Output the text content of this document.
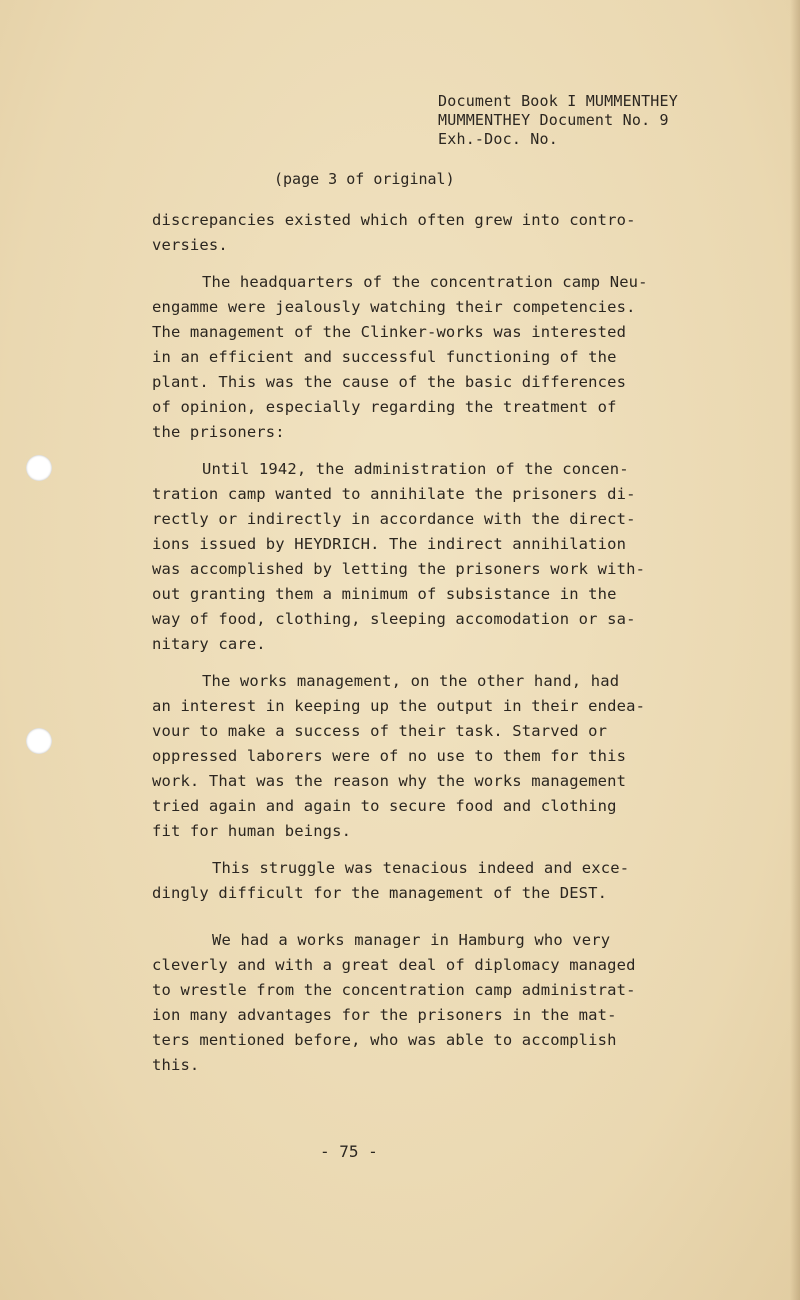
Document Book I MUMMENTHEY
MUMMENTHEY Document No. 9
Exh.-Doc. No.
(page 3 of original)

discrepancies existed which often grew into contro-
versies.

The headquarters of the concentration camp Neu-
engamme were jealously watching their competencies.
The management of the Clinker-works was interested
in an efficient and successful functioning of the
plant. This was the cause of the basic differences
of opinion, especially regarding the treatment of
the prisoners:

Until 1942, the administration of the concen-
tration camp wanted to annihilate the prisoners di-
rectly or indirectly in accordance with the direct-
ions issued by HEYDRICH. The indirect annihilation
was accomplished by letting the prisoners work with-
out granting them a minimum of subsistance in the
way of food, clothing, sleeping accomodation or sa-
nitary care.

The works management, on the other hand, had
an interest in keeping up the output in their endea-
vour to make a success of their task. Starved or
oppressed laborers were of no use to them for this
work. That was the reason why the works management
tried again and again to secure food and clothing
fit for human beings.

This struggle was tenacious indeed and exce-
dingly difficult for the management of the DEST.

We had a works manager in Hamburg who very
cleverly and with a great deal of diplomacy managed
to wrestle from the concentration camp administrat-
ion many advantages for the prisoners in the mat-
ters mentioned before, who was able to accomplish
this.

- 75 -
